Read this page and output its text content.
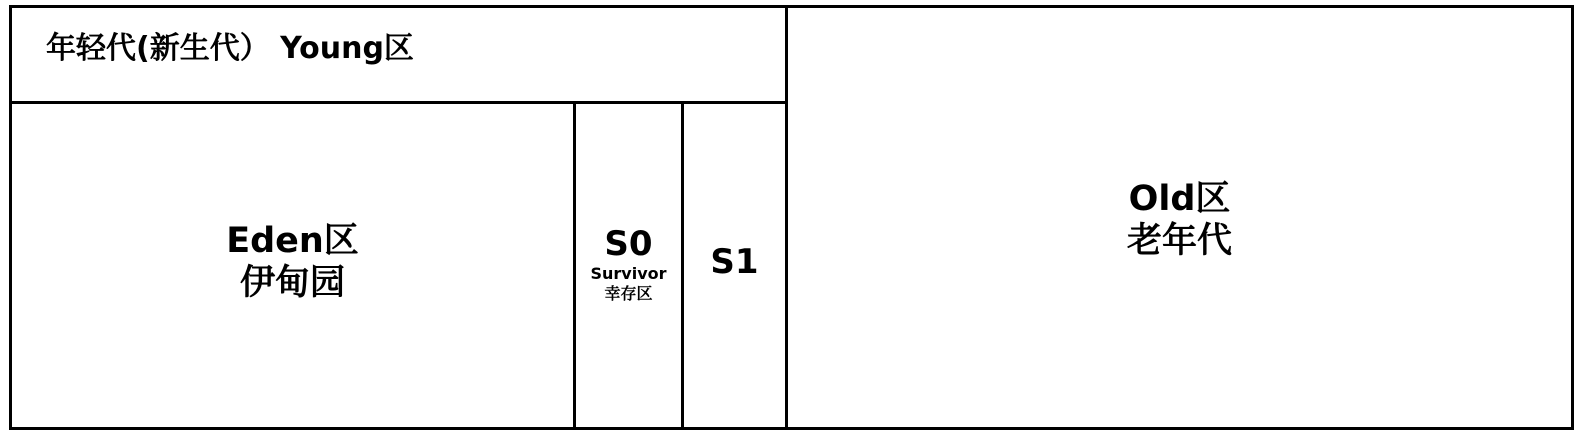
年轻代(新生代） Young区
Eden区
伊甸园
S0
Survivor
幸存区
S1
Old区
老年代
